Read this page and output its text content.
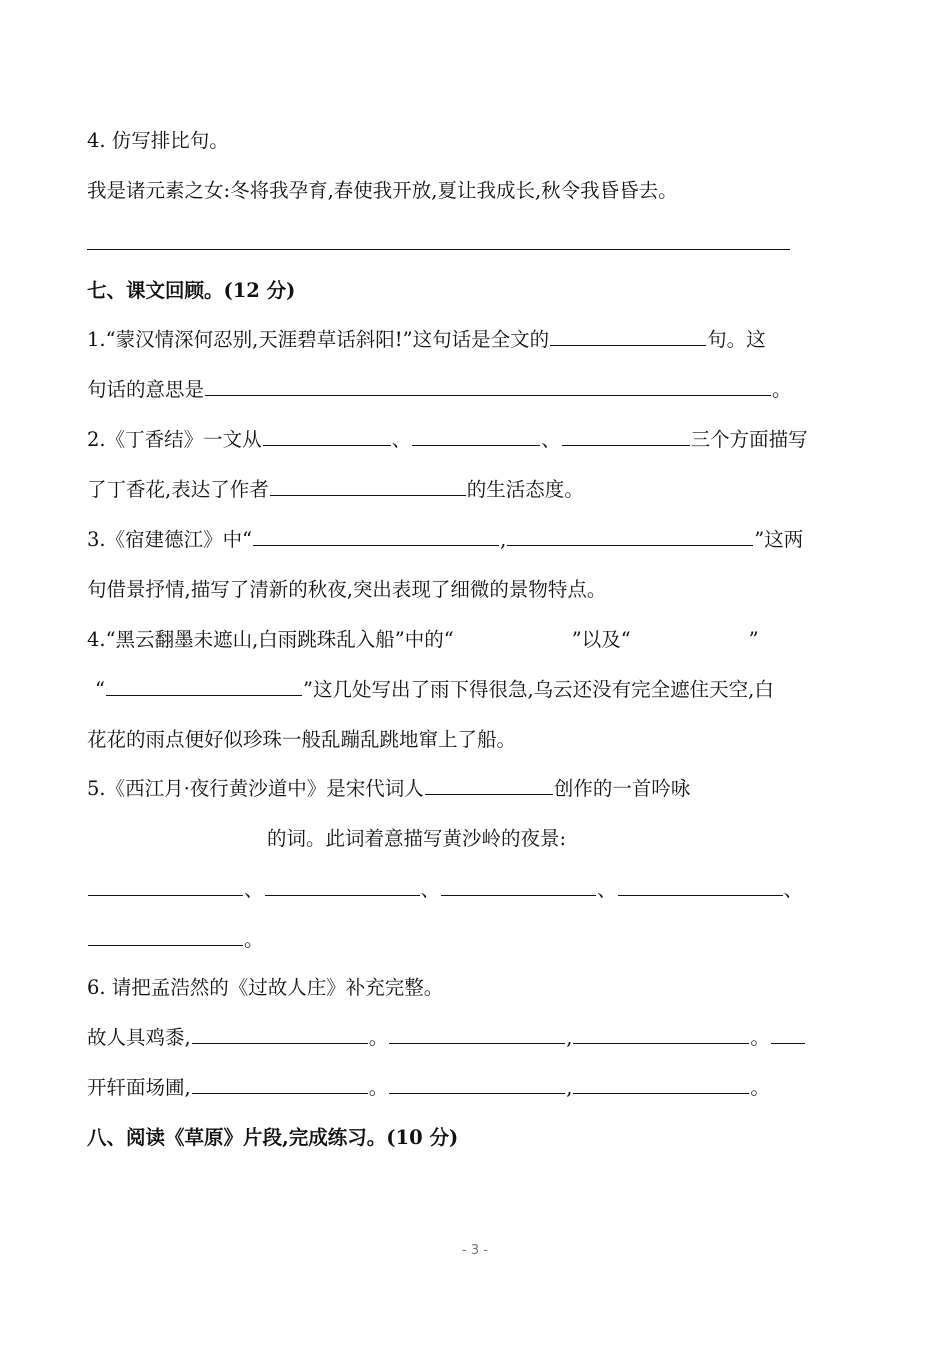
4. 仿写排比句。
我是诸元素之女:冬将我孕育,春使我开放,夏让我成长,秋令我昏昏去。
七、课文回顾。(12 分)
1.“蒙汉情深何忍别,天涯碧草话斜阳!”这句话是全文的	句。这
句话的意思是	。
2.《丁香结》一文从	、	、	三个方面描写
了丁香花,表达了作者	的生活态度。
3.《宿建德江》中“	,	”这两
句借景抒情,描写了清新的秋夜,突出表现了细微的景物特点。
4.“黑云翻墨未遮山,白雨跳珠乱入船”中的“	”以及“	”
“	”这几处写出了雨下得很急,乌云还没有完全遮住天空,白
花花的雨点便好似珍珠一般乱蹦乱跳地窜上了船。
5.《西江月·夜行黄沙道中》是宋代词人	创作的一首吟咏
的词。此词着意描写黄沙岭的夜景:
、	、	、	、
。
6. 请把孟浩然的《过故人庄》补充完整。
故人具鸡黍,	。	,	。
开轩面场圃,	。	,	。
八、阅读《草原》片段,完成练习。(10 分)
- 3 -
